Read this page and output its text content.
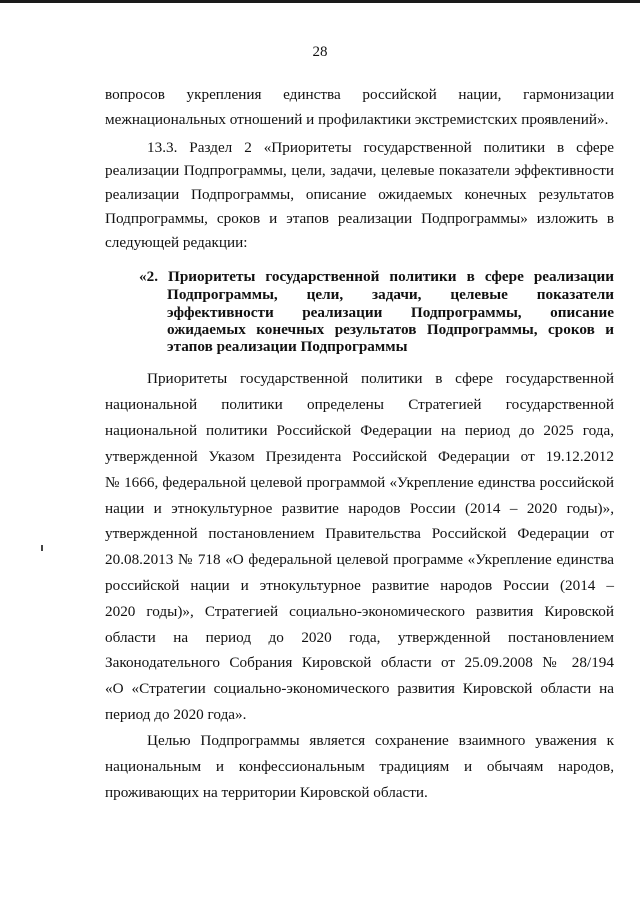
28
вопросов укрепления единства российской нации, гармонизации
межнациональных отношений и профилактики экстремистских проявлений».
13.3. Раздел 2 «Приоритеты государственной политики в сфере
реализации Подпрограммы, цели, задачи, целевые показатели эффективности
реализации Подпрограммы, описание ожидаемых конечных результатов
Подпрограммы, сроков и этапов реализации Подпрограммы» изложить в
следующей редакции:
«2. Приоритеты государственной политики в сфере реализации
Подпрограммы, цели, задачи, целевые показатели
эффективности реализации Подпрограммы, описание
ожидаемых конечных результатов Подпрограммы, сроков и
этапов реализации Подпрограммы
Приоритеты государственной политики в сфере государственной
национальной политики определены Стратегией государственной
национальной политики Российской Федерации на период до 2025 года,
утвержденной Указом Президента Российской Федерации от 19.12.2012
№ 1666, федеральной целевой программой «Укрепление единства российской
нации и этнокультурное развитие народов России (2014 – 2020 годы)»,
утвержденной постановлением Правительства Российской Федерации от
20.08.2013 № 718 «О федеральной целевой программе «Укрепление единства
российской нации и этнокультурное развитие народов России (2014 –
2020 годы)», Стратегией социально-экономического развития Кировской
области на период до 2020 года, утвержденной постановлением
Законодательного Собрания Кировской области от 25.09.2008 № 28/194
«О «Стратегии социально-экономического развития Кировской области на
период до 2020 года».
Целью Подпрограммы является сохранение взаимного уважения к
национальным и конфессиональным традициям и обычаям народов,
проживающих на территории Кировской области.
